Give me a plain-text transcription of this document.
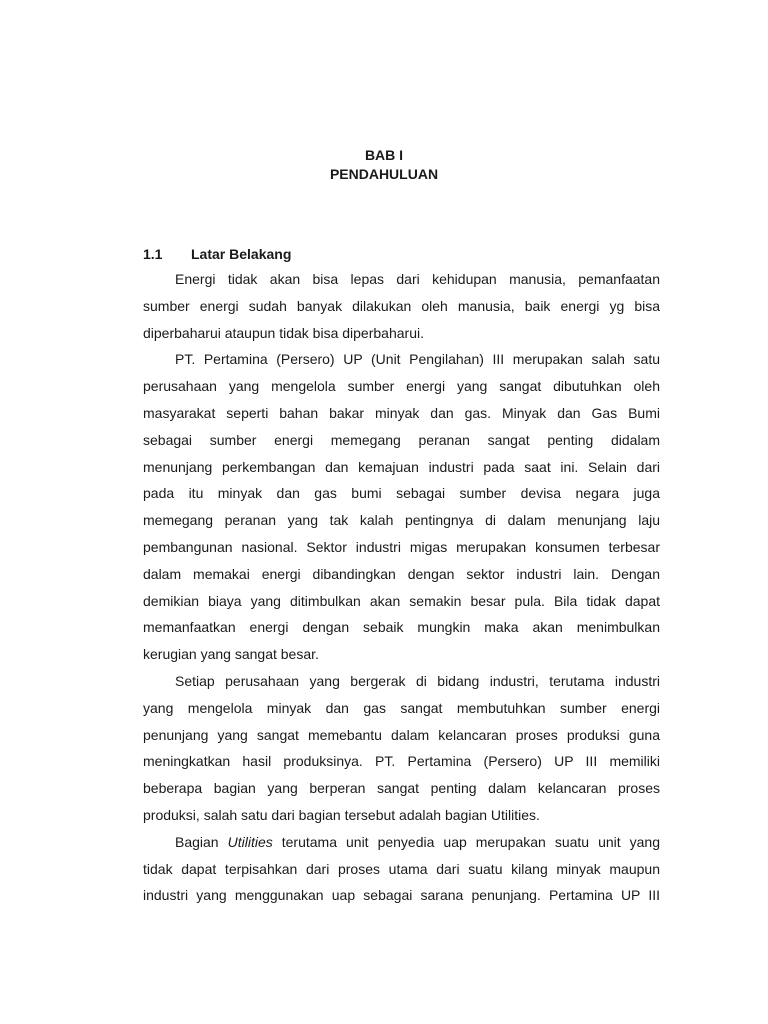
BAB I
PENDAHULUAN
1.1 Latar Belakang
Energi tidak akan bisa lepas dari kehidupan manusia, pemanfaatan
sumber energi sudah banyak dilakukan oleh manusia, baik energi yg bisa
diperbaharui ataupun tidak bisa diperbaharui.
PT. Pertamina (Persero) UP (Unit Pengilahan) III merupakan salah satu
perusahaan yang mengelola sumber energi yang sangat dibutuhkan oleh
masyarakat seperti bahan bakar minyak dan gas. Minyak dan Gas Bumi
sebagai sumber energi memegang peranan sangat penting didalam
menunjang perkembangan dan kemajuan industri pada saat ini. Selain dari
pada itu minyak dan gas bumi sebagai sumber devisa negara juga
memegang peranan yang tak kalah pentingnya di dalam menunjang laju
pembangunan nasional. Sektor industri migas merupakan konsumen terbesar
dalam memakai energi dibandingkan dengan sektor industri lain. Dengan
demikian biaya yang ditimbulkan akan semakin besar pula. Bila tidak dapat
memanfaatkan energi dengan sebaik mungkin maka akan menimbulkan
kerugian yang sangat besar.
Setiap perusahaan yang bergerak di bidang industri, terutama industri
yang mengelola minyak dan gas sangat membutuhkan sumber energi
penunjang yang sangat memebantu dalam kelancaran proses produksi guna
meningkatkan hasil produksinya. PT. Pertamina (Persero) UP III memiliki
beberapa bagian yang berperan sangat penting dalam kelancaran proses
produksi, salah satu dari bagian tersebut adalah bagian Utilities.
Bagian Utilities terutama unit penyedia uap merupakan suatu unit yang
tidak dapat terpisahkan dari proses utama dari suatu kilang minyak maupun
industri yang menggunakan uap sebagai sarana penunjang. Pertamina UP III
